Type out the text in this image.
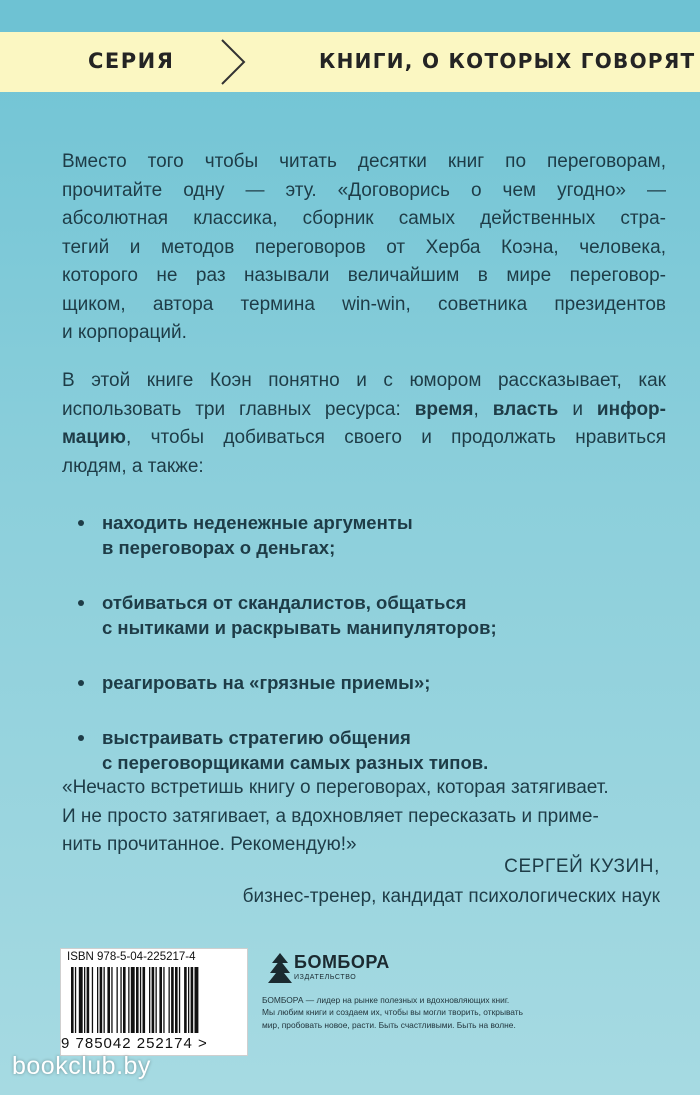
СЕРИЯ	КНИГИ, О КОТОРЫХ ГОВОРЯТ
Вместо того чтобы читать десятки книг по переговорам,
прочитайте одну — эту. «Договорись о чем угодно» —
абсолютная классика, сборник самых действенных стра-
тегий и методов переговоров от Херба Коэна, человека,
которого не раз называли величайшим в мире переговор-
щиком, автора термина win-win, советника президентов
и корпораций.
В этой книге Коэн понятно и с юмором рассказывает, как
использовать три главных ресурса: время, власть и инфор-
мацию, чтобы добиваться своего и продолжать нравиться
людям, а также:
находить неденежные аргументы
в переговорах о деньгах;
отбиваться от скандалистов, общаться
с нытиками и раскрывать манипуляторов;
реагировать на «грязные приемы»;
выстраивать стратегию общения
с переговорщиками самых разных типов.
«Нечасто встретишь книгу о переговорах, которая затягивает.
И не просто затягивает, а вдохновляет пересказать и приме-
нить прочитанное. Рекомендую!»
СЕРГЕЙ КУЗИН,
бизнес-тренер, кандидат психологических наук
ISBN 978-5-04-225217-4
9 785042 252174 >
БОМБОРА
ИЗДАТЕЛЬСТВО
БОМБОРА — лидер на рынке полезных и вдохновляющих книг. Мы любим книги и создаем их, чтобы вы могли творить, открывать мир, пробовать новое, расти. Быть счастливыми. Быть на волне.
bookclub.by
